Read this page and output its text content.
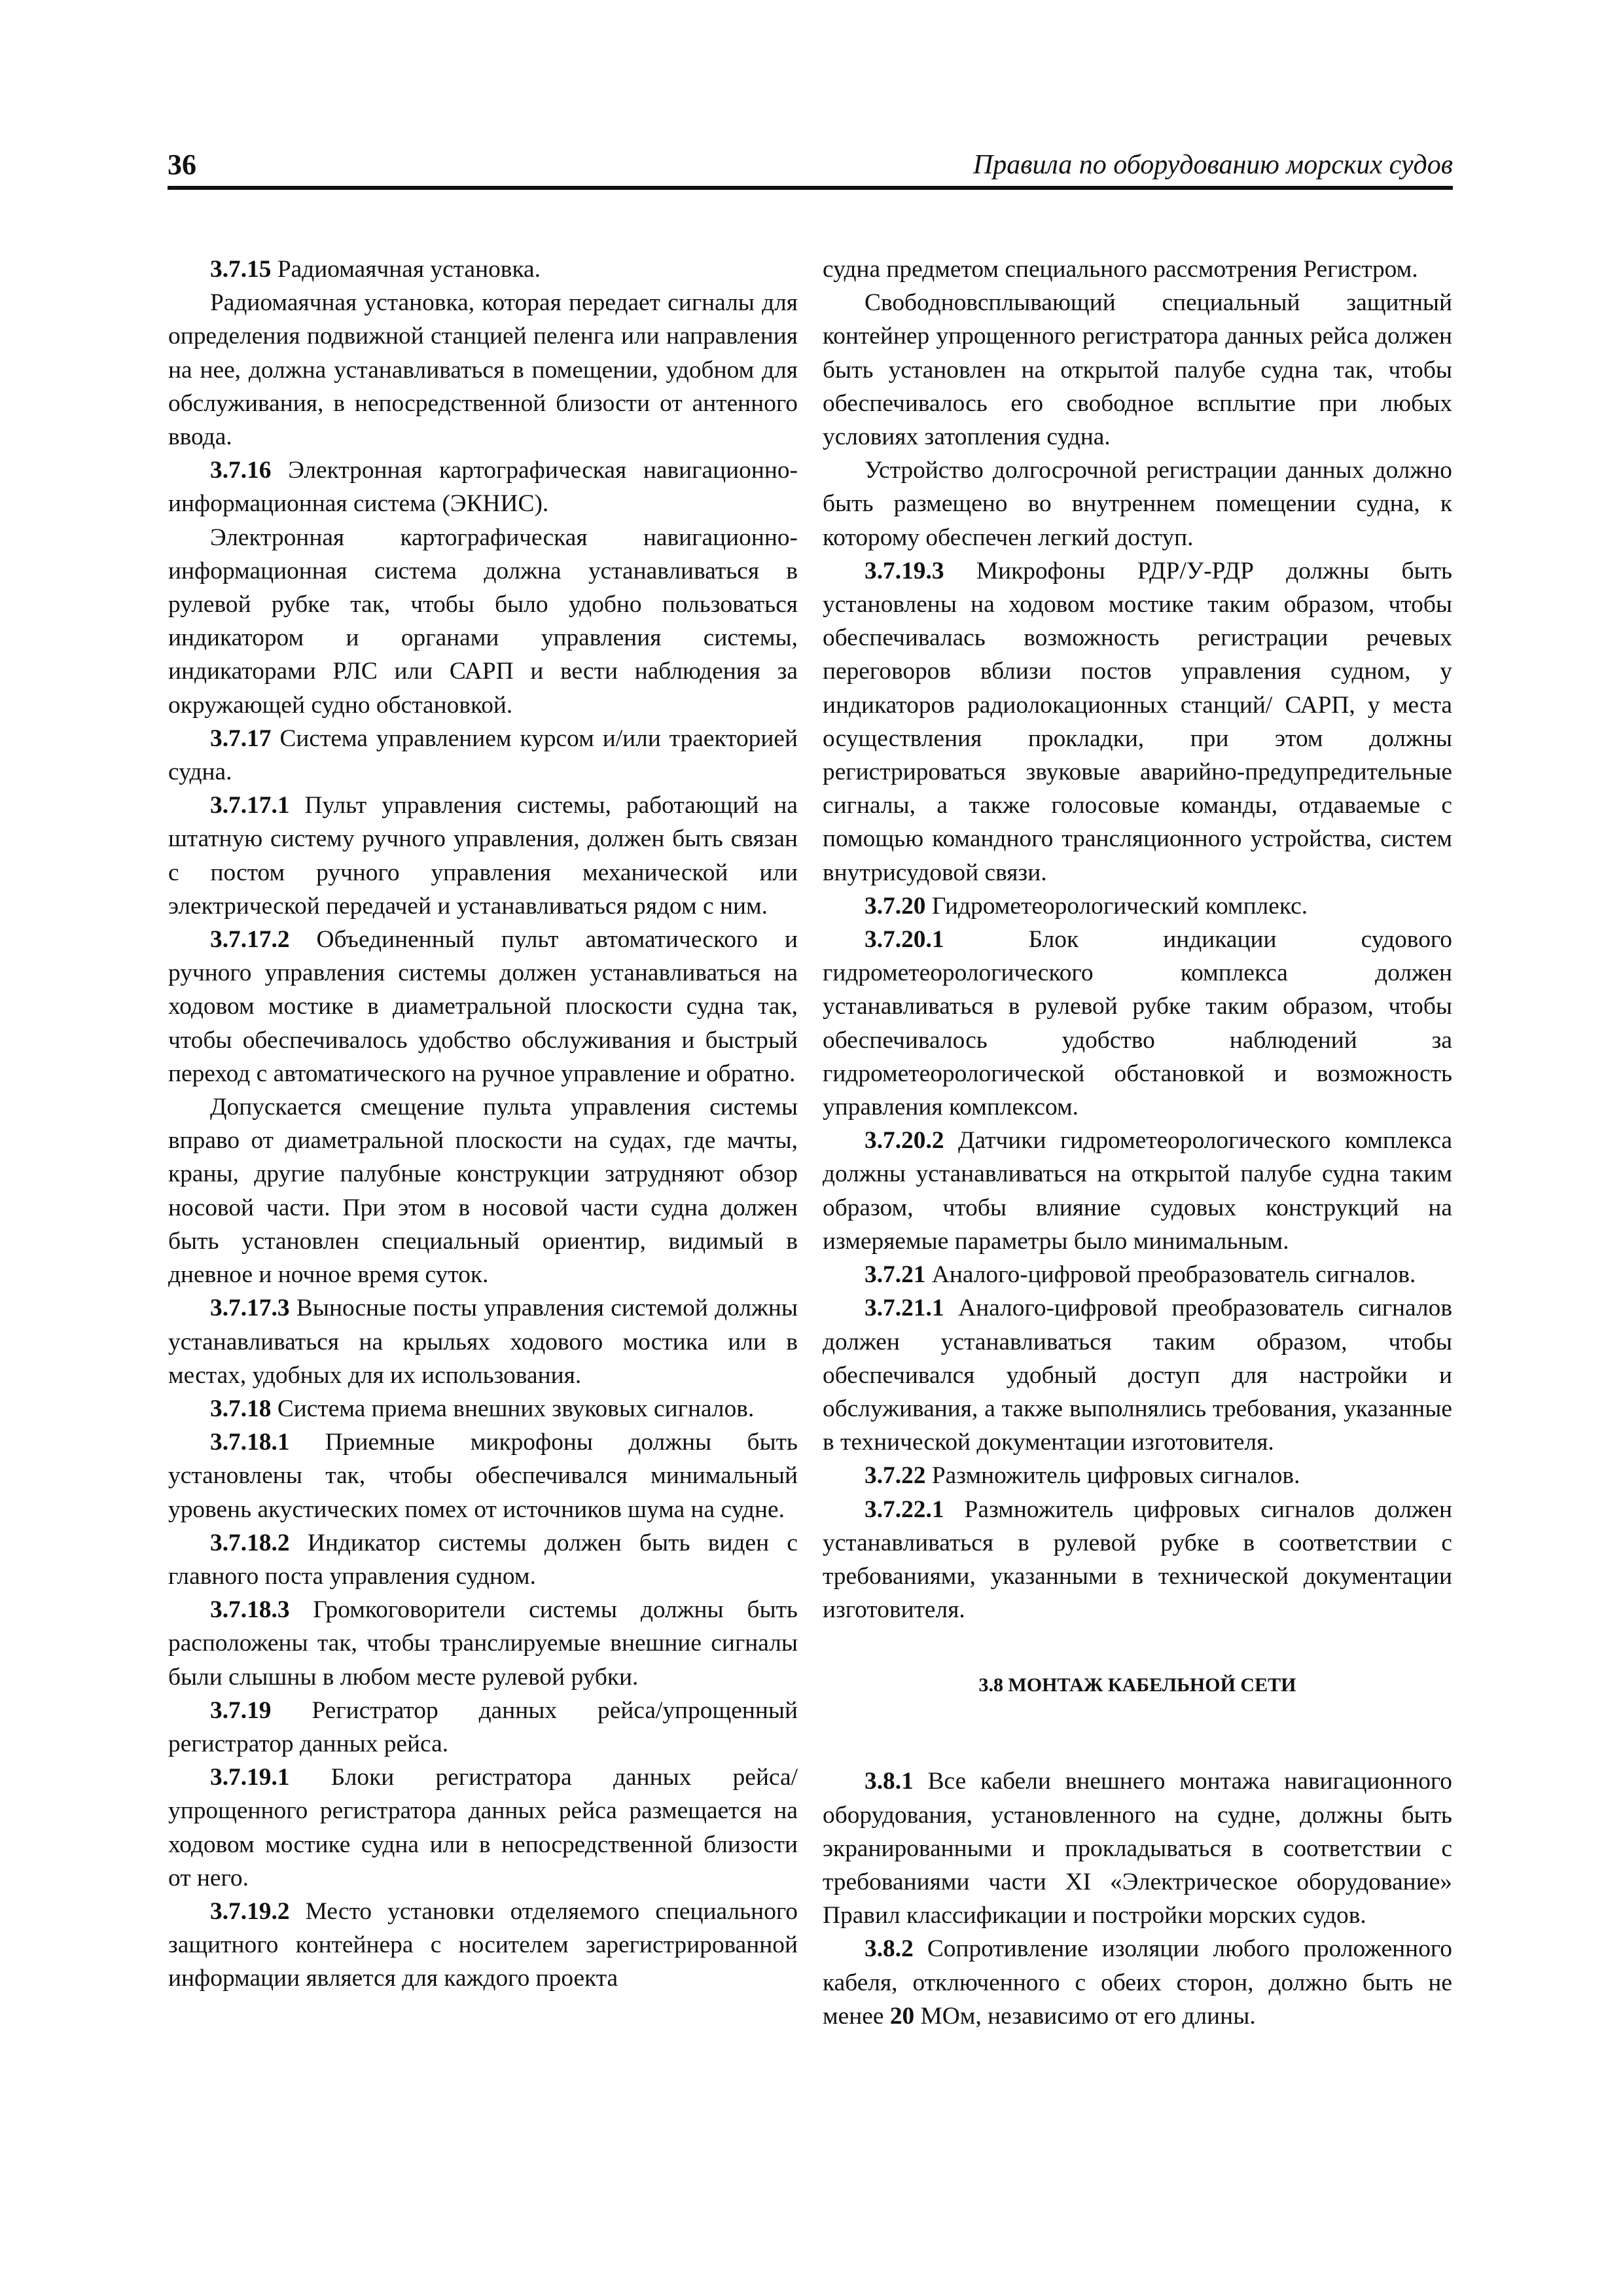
36	Правила по оборудованию морских судов

3.7.15 Радиомаячная установка.

Радиомаячная установка, которая передает сигналы для определения подвижной станцией пеленга или направления на нее, должна устанавливаться в помещении, удобном для обслуживания, в непосредственной близости от антенного ввода.

3.7.16 Электронная картографическая навигационно-информационная система (ЭКНИС).

Электронная картографическая навигационно-информационная система должна устанавливаться в рулевой рубке так, чтобы было удобно пользоваться индикатором и органами управления системы, индикаторами РЛС или САРП и вести наблюдения за окружающей судно обстановкой.

3.7.17 Система управлением курсом и/или траекторией судна.

3.7.17.1 Пульт управления системы, работающий на штатную систему ручного управления, должен быть связан с постом ручного управления механической или электрической передачей и устанавливаться рядом с ним.

3.7.17.2 Объединенный пульт автоматического и ручного управления системы должен устанавливаться на ходовом мостике в диаметральной плоскости судна так, чтобы обеспечивалось удобство обслуживания и быстрый переход с автоматического на ручное управление и обратно.

Допускается смещение пульта управления системы вправо от диаметральной плоскости на судах, где мачты, краны, другие палубные конструкции затрудняют обзор носовой части. При этом в носовой части судна должен быть установлен специальный ориентир, видимый в дневное и ночное время суток.

3.7.17.3 Выносные посты управления системой должны устанавливаться на крыльях ходового мостика или в местах, удобных для их использования.

3.7.18 Система приема внешних звуковых сигналов.

3.7.18.1 Приемные микрофоны должны быть установлены так, чтобы обеспечивался минимальный уровень акустических помех от источников шума на судне.

3.7.18.2 Индикатор системы должен быть виден с главного поста управления судном.

3.7.18.3 Громкоговорители системы должны быть расположены так, чтобы транслируемые внешние сигналы были слышны в любом месте рулевой рубки.

3.7.19 Регистратор данных рейса/упрощенный регистратор данных рейса.

3.7.19.1 Блоки регистратора данных рейса/ упрощенного регистратора данных рейса размещается на ходовом мостике судна или в непосредственной близости от него.

3.7.19.2 Место установки отделяемого специального защитного контейнера с носителем зарегистрированной информации является для каждого проекта

судна предметом специального рассмотрения Регистром.

Свободновсплывающий специальный защитный контейнер упрощенного регистратора данных рейса должен быть установлен на открытой палубе судна так, чтобы обеспечивалось его свободное всплытие при любых условиях затопления судна.

Устройство долгосрочной регистрации данных должно быть размещено во внутреннем помещении судна, к которому обеспечен легкий доступ.

3.7.19.3 Микрофоны РДР/У-РДР должны быть установлены на ходовом мостике таким образом, чтобы обеспечивалась возможность регистрации речевых переговоров вблизи постов управления судном, у индикаторов радиолокационных станций/ САРП, у места осуществления прокладки, при этом должны регистрироваться звуковые аварийно-предупредительные сигналы, а также голосовые команды, отдаваемые с помощью командного трансляционного устройства, систем внутрисудовой связи.

3.7.20 Гидрометеорологический комплекс.

3.7.20.1 Блок индикации судового гидрометеорологического комплекса должен устанавливаться в рулевой рубке таким образом, чтобы обеспечивалось удобство наблюдений за гидрометеорологической обстановкой и возможность управления комплексом.

3.7.20.2 Датчики гидрометеорологического комплекса должны устанавливаться на открытой палубе судна таким образом, чтобы влияние судовых конструкций на измеряемые параметры было минимальным.

3.7.21 Аналого-цифровой преобразователь сигналов.

3.7.21.1 Аналого-цифровой преобразователь сигналов должен устанавливаться таким образом, чтобы обеспечивался удобный доступ для настройки и обслуживания, а также выполнялись требования, указанные в технической документации изготовителя.

3.7.22 Размножитель цифровых сигналов.

3.7.22.1 Размножитель цифровых сигналов должен устанавливаться в рулевой рубке в соответствии с требованиями, указанными в технической документации изготовителя.

3.8 МОНТАЖ КАБЕЛЬНОЙ СЕТИ

3.8.1 Все кабели внешнего монтажа навигационного оборудования, установленного на судне, должны быть экранированными и прокладываться в соответствии с требованиями части XI «Электрическое оборудование» Правил классификации и постройки морских судов.

3.8.2 Сопротивление изоляции любого проложенного кабеля, отключенного с обеих сторон, должно быть не менее 20 МОм, независимо от его длины.
